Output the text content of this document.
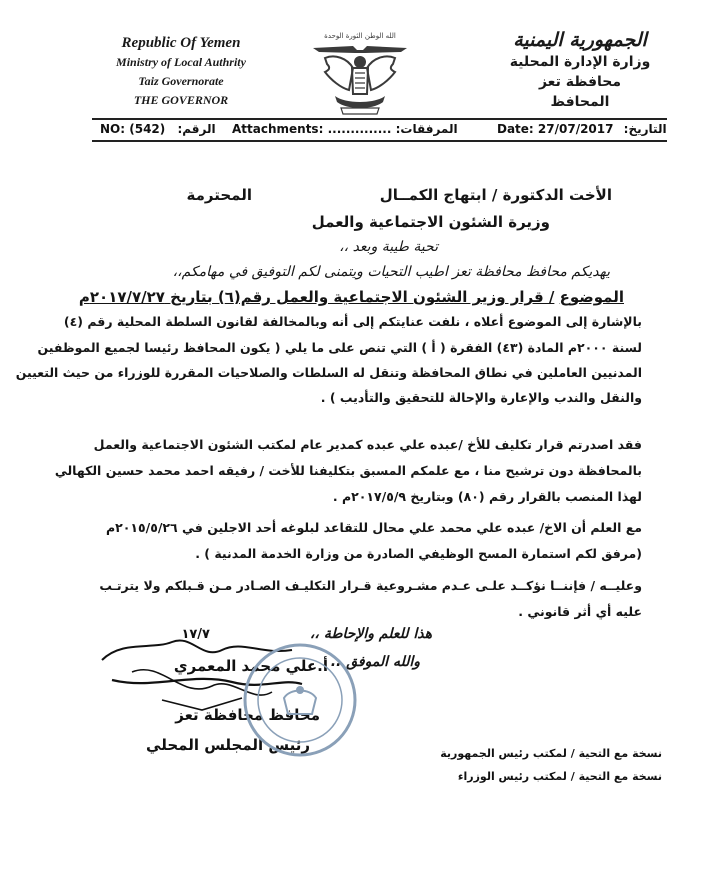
Republic Of Yemen
Ministry of Local Authrity
Taiz Governorate
THE GOVERNOR
الله الوطن الثورة الوحدة	الجمهورية اليمنية
وزارة الإدارة المحلية
محافظة تعز
المحافظ
NO: (542) الرقم: Attachments: .............. المرفقات:	Date: 27/07/2017 التاريخ:
الأخت الدكتورة / ابتهاج الكمــال
المحترمة
وزيرة الشئون الاجتماعية والعمل
تحية طيبة وبعد ،،
يهديكم محافظ محافظة تعز اطيب التحيات ويتمنى لكم التوفيق في مهامكم،،
الموضوع / قرار وزير الشئون الاجتماعية والعمل رقم(٦) بتاريخ ٢٠١٧/٧/٢٧م
بالإشارة إلى الموضوع أعلاه ، نلفت عنايتكم إلى أنه وبالمخالفة لقانون السلطة المحلية رقم (٤)
لسنة ٢٠٠٠م المادة (٤٣) الفقرة ( أ ) التي تنص على ما يلي ( يكون المحافظ رئيسا لجميع الموظفين
المدنيين العاملين في نطاق المحافظة وتنقل له السلطات والصلاحيات المقررة للوزراء من حيث التعيين
والنقل والندب والإعارة والإحالة للتحقيق والتأديب ) .
فقد اصدرتم قرار تكليف للأخ /عبده علي عبده كمدير عام لمكتب الشئون الاجتماعية والعمل
بالمحافظة دون ترشيح منا ، مع علمكم المسبق بتكليفنا للأخت / رفيقه احمد محمد حسين الكهالي
لهذا المنصب بالقرار رقم (٨٠) وبتاريخ ٢٠١٧/٥/٩م .
مع العلم أن الاخ/ عبده علي محمد علي محال للتقاعد لبلوغه أحد الاجلين في ٢٠١٥/٥/٢٦م
(مرفق لكم استمارة المسح الوظيفي الصادرة من وزارة الخدمة المدنية ) .
وعليــه / فإننــا نؤكــد علـى عـدم مشـروعية قـرار التكليـف الصـادر مـن قـبلكم ولا يترتـب
عليه أي أثر قانوني .
هذا للعلم والإحاطة ،،
والله الموفق ..
١٧/٧
أ.علي محمد المعمري
محافظ محافظة تعز
رئيس المجلس المحلي	نسخة مع التحية / لمكتب رئيس الجمهورية
نسخة مع التحية / لمكتب رئيس الوزراء
